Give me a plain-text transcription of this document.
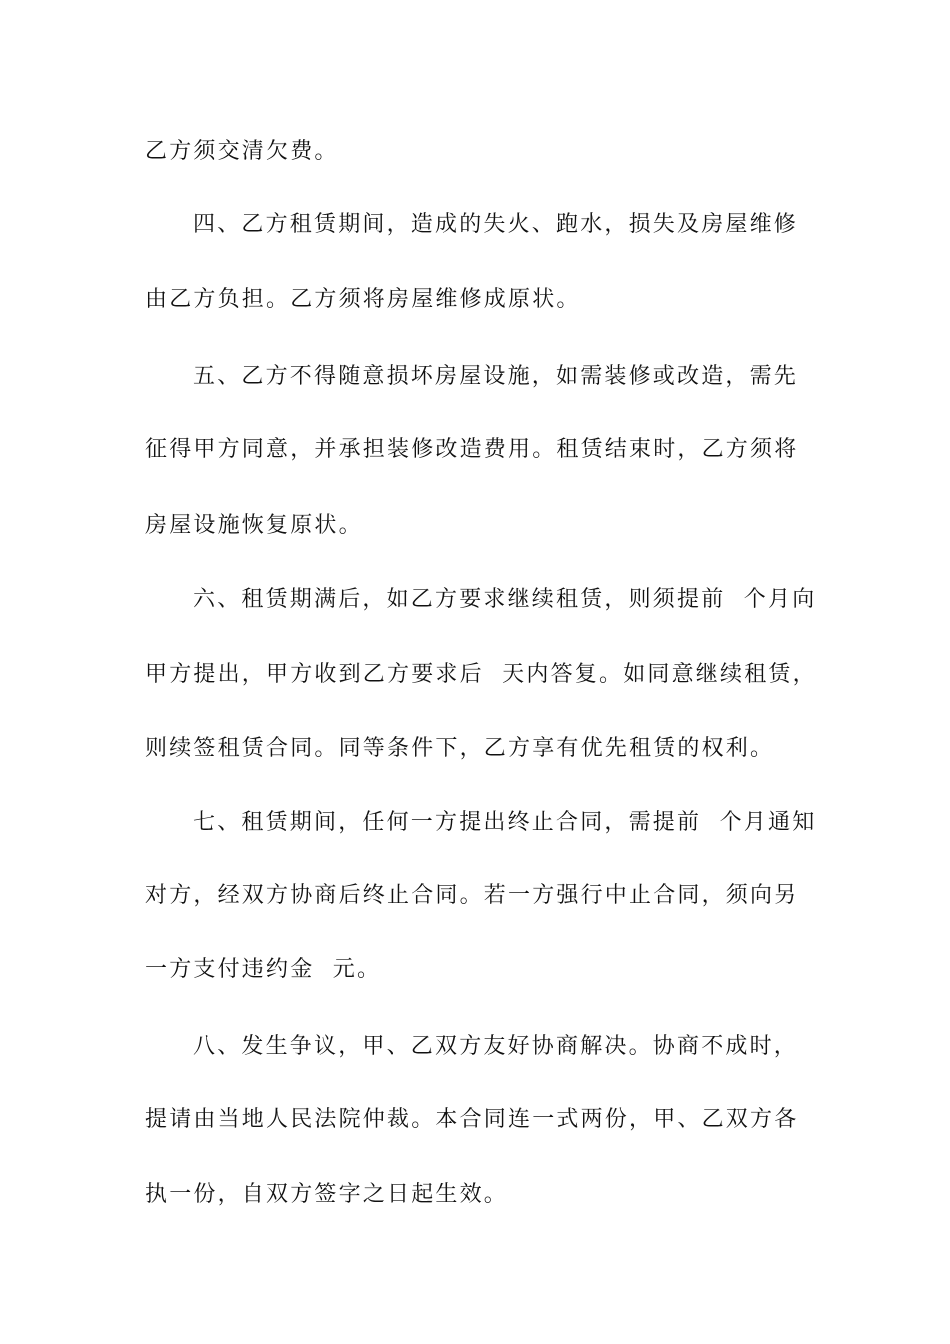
乙方须交清欠费。
四、乙方租赁期间，造成的失火、跑水，损失及房屋维修
由乙方负担。乙方须将房屋维修成原状。
五、乙方不得随意损坏房屋设施，如需装修或改造，需先
征得甲方同意，并承担装修改造费用。租赁结束时，乙方须将
房屋设施恢复原状。
六、租赁期满后，如乙方要求继续租赁，则须提前  个月向
甲方提出，甲方收到乙方要求后  天内答复。如同意继续租赁，
则续签租赁合同。同等条件下，乙方享有优先租赁的权利。
七、租赁期间，任何一方提出终止合同，需提前  个月通知
对方，经双方协商后终止合同。若一方强行中止合同，须向另
一方支付违约金  元。
八、发生争议，甲、乙双方友好协商解决。协商不成时，
提请由当地人民法院仲裁。本合同连一式两份，甲、乙双方各
执一份，自双方签字之日起生效。
